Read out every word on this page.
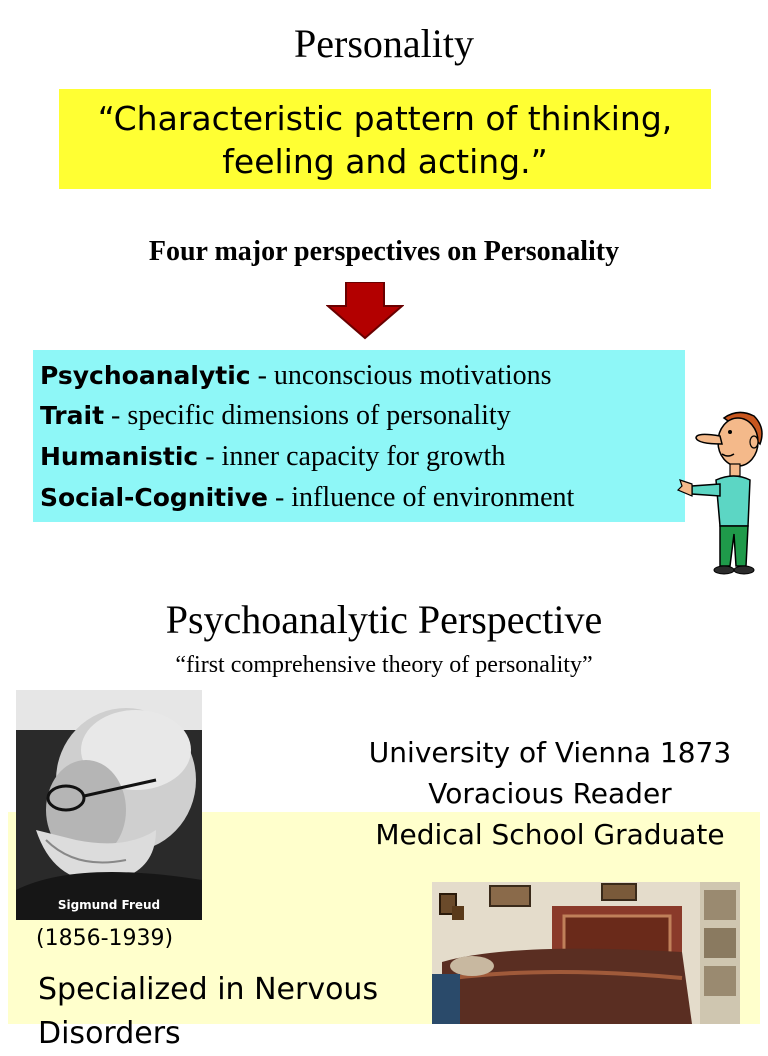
Personality
“Characteristic pattern of thinking,
feeling and acting.”
Four major perspectives on Personality
Psychoanalytic - unconscious motivations
Trait - specific dimensions of personality
Humanistic - inner capacity for growth
Social-Cognitive - influence of environment
Psychoanalytic Perspective
“first comprehensive theory of personality”
Sigmund Freud
University of Vienna 1873
Voracious Reader
Medical School Graduate
(1856-1939)
Specialized in Nervous Disorders
